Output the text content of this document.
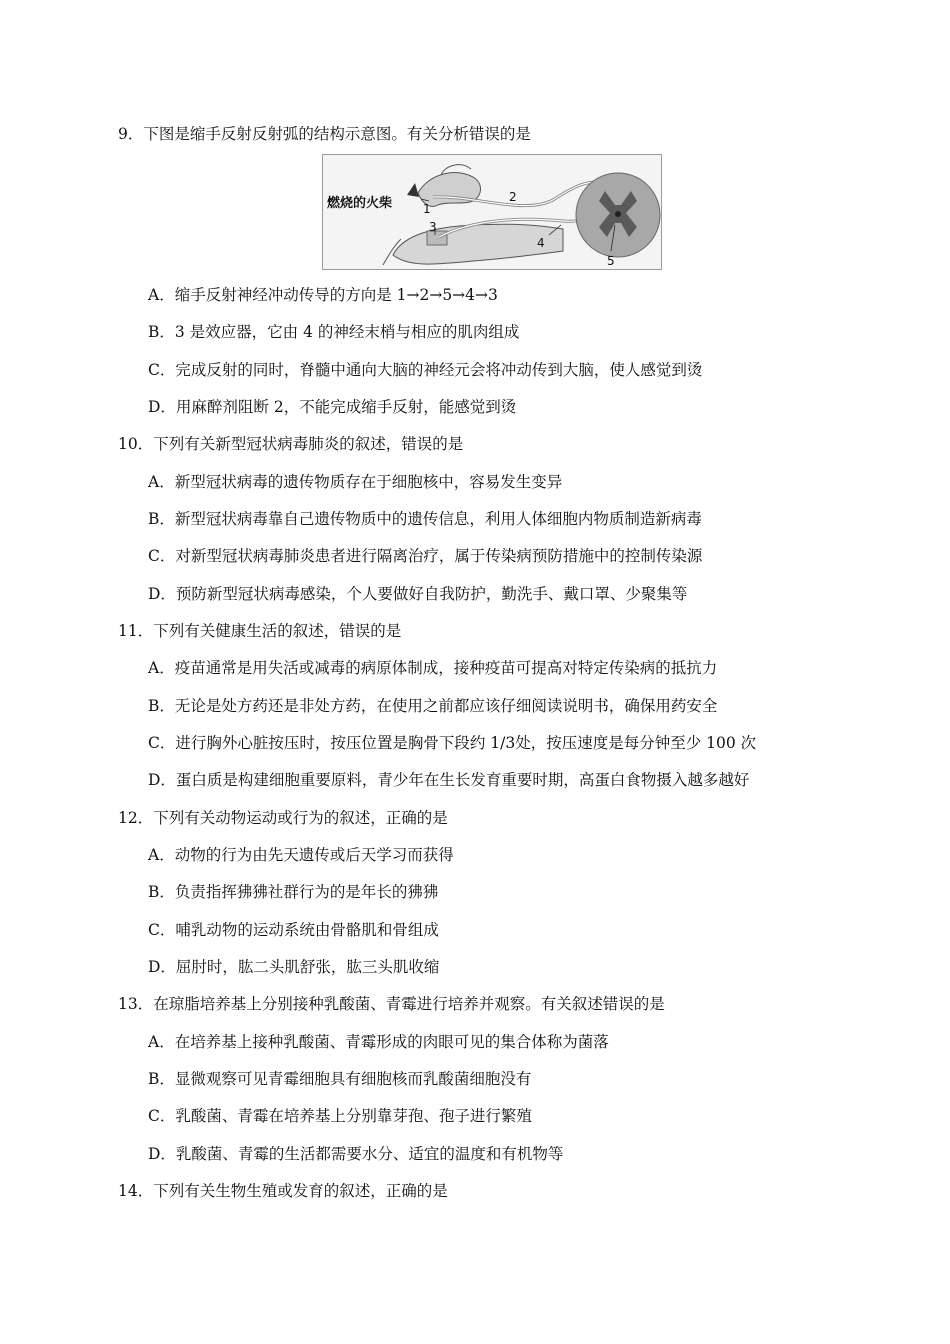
9．下图是缩手反射反射弧的结构示意图。有关分析错误的是
燃烧的火柴	1
2
3
4
5
A．缩手反射神经冲动传导的方向是 1→2→5→4→3
B．3 是效应器，它由 4 的神经末梢与相应的肌肉组成
C．完成反射的同时，脊髓中通向大脑的神经元会将冲动传到大脑，使人感觉到烫
D．用麻醉剂阻断 2，不能完成缩手反射，能感觉到烫
10．下列有关新型冠状病毒肺炎的叙述，错误的是
A．新型冠状病毒的遗传物质存在于细胞核中，容易发生变异
B．新型冠状病毒靠自己遗传物质中的遗传信息，利用人体细胞内物质制造新病毒
C．对新型冠状病毒肺炎患者进行隔离治疗，属于传染病预防措施中的控制传染源
D．预防新型冠状病毒感染，个人要做好自我防护，勤洗手、戴口罩、少聚集等
11．下列有关健康生活的叙述，错误的是
A．疫苗通常是用失活或减毒的病原体制成，接种疫苗可提高对特定传染病的抵抗力
B．无论是处方药还是非处方药，在使用之前都应该仔细阅读说明书，确保用药安全
C．进行胸外心脏按压时，按压位置是胸骨下段约 1/3处，按压速度是每分钟至少 100 次
D．蛋白质是构建细胞重要原料，青少年在生长发育重要时期，高蛋白食物摄入越多越好
12．下列有关动物运动或行为的叙述，正确的是
A．动物的行为由先天遗传或后天学习而获得
B．负责指挥狒狒社群行为的是年长的狒狒
C．哺乳动物的运动系统由骨骼肌和骨组成
D．屈肘时，肱二头肌舒张，肱三头肌收缩
13．在琼脂培养基上分别接种乳酸菌、青霉进行培养并观察。有关叙述错误的是
A．在培养基上接种乳酸菌、青霉形成的肉眼可见的集合体称为菌落
B．显微观察可见青霉细胞具有细胞核而乳酸菌细胞没有
C．乳酸菌、青霉在培养基上分别靠芽孢、孢子进行繁殖
D．乳酸菌、青霉的生活都需要水分、适宜的温度和有机物等
14．下列有关生物生殖或发育的叙述，正确的是
